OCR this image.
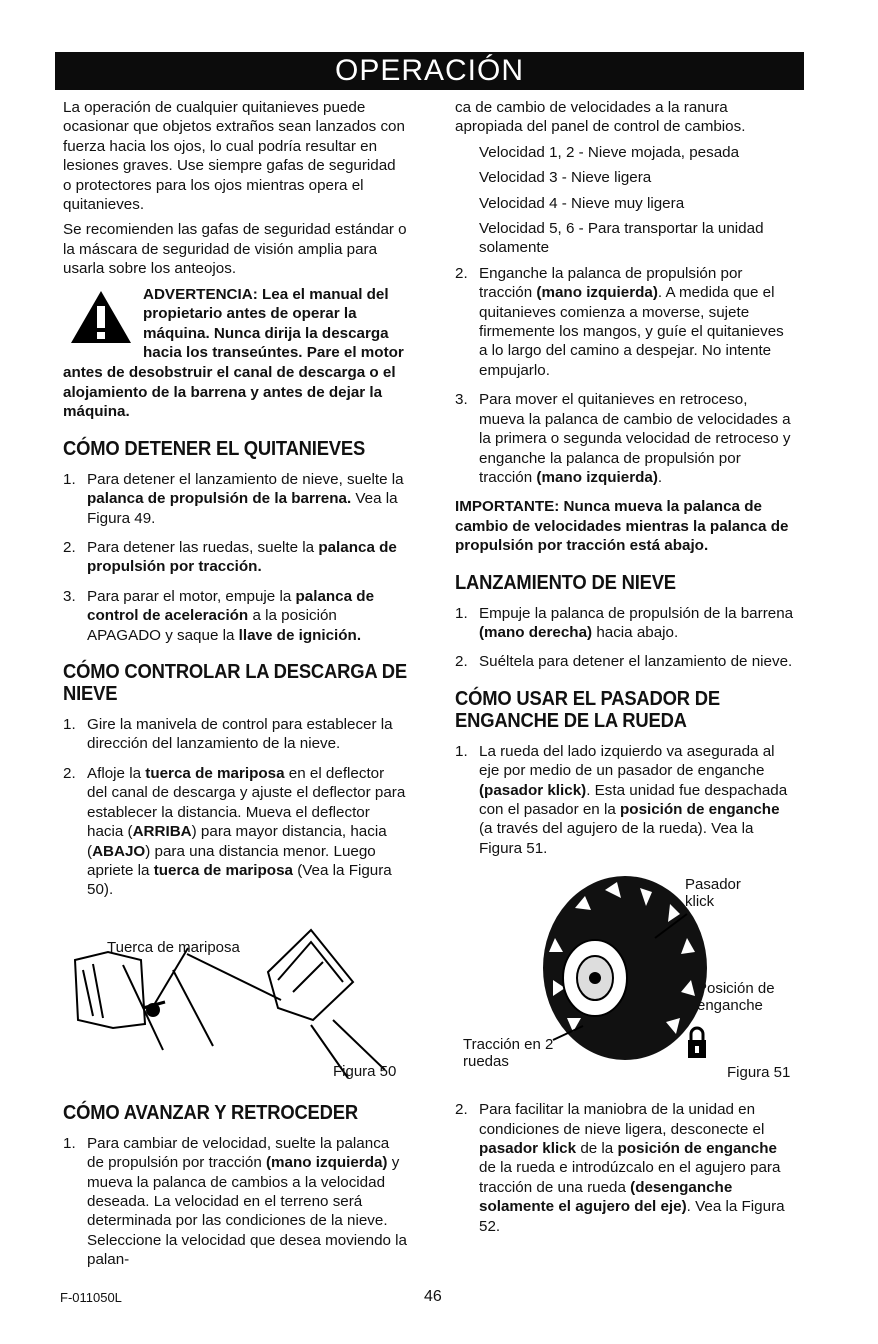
OPERACIÓN

La operación de cualquier quitanieves puede ocasionar que objetos extraños sean lanzados con fuerza hacia los ojos, lo cual podría resultar en lesiones graves. Use siempre gafas de seguridad o protectores para los ojos mientras opera el quitanieves.

Se recomienden las gafas de seguridad estándar o la máscara de seguridad de visión amplia para usarla sobre los anteojos.

ADVERTENCIA: Lea el manual del propietario antes de operar la máquina. Nunca dirija la descarga hacia los transeúntes. Pare el motor antes de desobstruir el canal de descarga o el alojamiento de la barrena y antes de dejar la máquina.
CÓMO DETENER EL QUITANIEVES
1. Para detener el lanzamiento de nieve, suelte la palanca de propulsión de la barrena. Vea la Figura 49.
2. Para detener las ruedas, suelte la palanca de propulsión por tracción.
3. Para parar el motor, empuje la palanca de control de aceleración a la posición APAGADO y saque la llave de ignición.
CÓMO CONTROLAR LA DESCARGA DE NIEVE
1. Gire la manivela de control para establecer la dirección del lanzamiento de la nieve.
2. Afloje la tuerca de mariposa en el deflector del canal de descarga y ajuste el deflector para establecer la distancia. Mueva el deflector hacia (ARRIBA) para mayor distancia, hacia (ABAJO) para una distancia menor. Luego apriete la tuerca de mariposa (Vea la Figura 50).
Tuerca de mariposa
Figura 50
CÓMO AVANZAR Y RETROCEDER
1. Para cambiar de velocidad, suelte la palanca de propulsión por tracción (mano izquierda) y mueva la palanca de cambios a la velocidad deseada. La velocidad en el terreno será determinada por las condiciones de la nieve. Seleccione la velocidad que desea moviendo la palan-

ca de cambio de velocidades a la ranura apropiada del panel de control de cambios.

Velocidad 1, 2 - Nieve mojada, pesada

Velocidad 3 - Nieve ligera

Velocidad 4 - Nieve muy ligera

Velocidad 5, 6 - Para transportar la unidad solamente

2. Enganche la palanca de propulsión por tracción (mano izquierda). A medida que el quitanieves comienza a moverse, sujete firmemente los mangos, y guíe el quitanieves a lo largo del camino a despejar. No intente empujarlo.
3. Para mover el quitanieves en retroceso, mueva la palanca de cambio de velocidades a la primera o segunda velocidad de retroceso y enganche la palanca de propulsión por tracción (mano izquierda).

IMPORTANTE: Nunca mueva la palanca de cambio de velocidades mientras la palanca de propulsión por tracción está abajo.

LANZAMIENTO DE NIEVE
1. Empuje la palanca de propulsión de la barrena (mano derecha) hacia abajo.
2. Suéltela para detener el lanzamiento de nieve.
CÓMO USAR EL PASADOR DE ENGANCHE DE LA RUEDA
1. La rueda del lado izquierdo va asegurada al eje por medio de un pasador de enganche (pasador klick). Esta unidad fue despachada con el pasador en la posición de enganche (a través del agujero de la rueda). Vea la Figura 51.
Pasador klick
Posición de enganche
Tracción en 2 ruedas
Figura 51
2. Para facilitar la maniobra de la unidad en condiciones de nieve ligera, desconecte el pasador klick de la posición de enganche de la rueda e introdúzcalo en el agujero para tracción de una rueda (desenganche solamente el agujero del eje). Vea la Figura 52.
F-011050L	46
